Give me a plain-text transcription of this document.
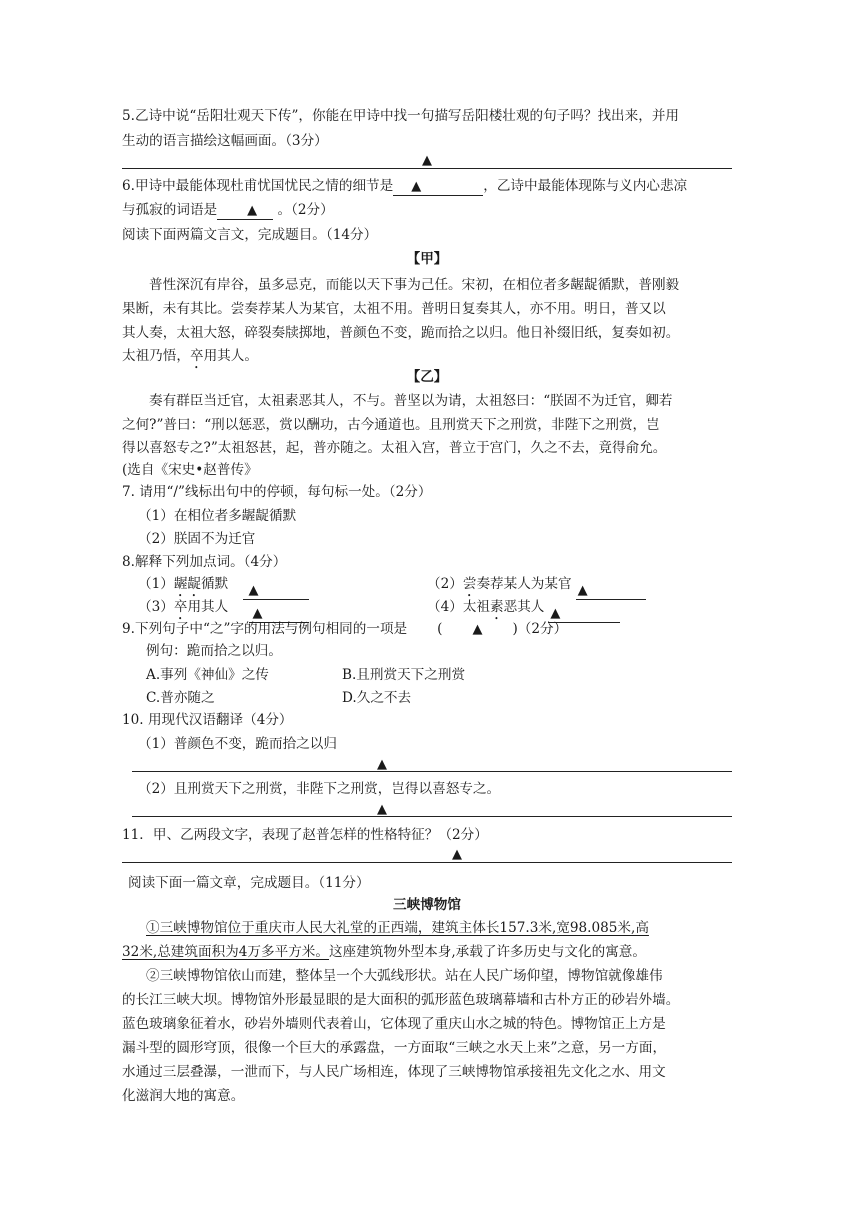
5.乙诗中说“岳阳壮观天下传”，你能在甲诗中找一句描写岳阳楼壮观的句子吗？找出来，并用
生动的语言描绘这幅画面。（3分）
▲
6.甲诗中最能体现杜甫忧国忧民之情的细节是 ▲	，乙诗中最能体现陈与义内心悲凉
与孤寂的词语是 ▲ 。（2分）
阅读下面两篇文言文，完成题目。（14分）
【甲】
普性深沉有岸谷，虽多忌克，而能以天下事为己任。宋初，在相位者多龌龊循默，普刚毅
果断，未有其比。尝奏荐某人为某官，太祖不用。普明日复奏其人，亦不用。明日，普又以
其人奏，太祖大怒，碎裂奏牍掷地，普颜色不变，跪而拾之以归。他日补缀旧纸，复奏如初。
太祖乃悟，卒用其人。
【乙】
奏有群臣当迁官，太祖素恶其人，不与。普坚以为请，太祖怒曰：“朕固不为迁官，卿若
之何?”普曰：“刑以惩恶，赏以酬功，古今通道也。且刑赏天下之刑赏，非陛下之刑赏，岂
得以喜怒专之?”太祖怒甚，起，普亦随之。太祖入宫，普立于宫门，久之不去，竟得俞允。
(选自《宋史•赵普传》
7. 请用“/”线标出句中的停顿，每句标一处。（2分）
（1）在相位者多龌龊循默
（2）朕固不为迁官
8.解释下列加点词。（4分）
（1）龌龊循默 ▲	（2）尝奏荐某人为某官 ▲
（3）卒用其人 ▲	（4）太祖素恶其人 ▲
9.下列句子中“之”字的用法与例句相同的一项是 ( ▲ )（2分）
例句：跪而拾之以归。
A.事列《神仙》之传	B.且刑赏天下之刑赏
C.普亦随之	D.久之不去
10. 用现代汉语翻译（4分）
（1）普颜色不变，跪而拾之以归
▲
（2）且刑赏天下之刑赏，非陛下之刑赏，岂得以喜怒专之。
▲
11．甲、乙两段文字，表现了赵普怎样的性格特征？（2分）
▲
阅读下面一篇文章，完成题目。（11分）
三峡博物馆
①三峡博物馆位于重庆市人民大礼堂的正西端，建筑主体长157.3米,宽98.085米,高
32米,总建筑面积为4万多平方米。这座建筑物外型本身,承载了许多历史与文化的寓意。
②三峡博物馆依山而建，整体呈一个大弧线形状。站在人民广场仰望，博物馆就像雄伟
的长江三峡大坝。博物馆外形最显眼的是大面积的弧形蓝色玻璃幕墙和古朴方正的砂岩外墙。
蓝色玻璃象征着水，砂岩外墙则代表着山，它体现了重庆山水之城的特色。博物馆正上方是
漏斗型的圆形穹顶，很像一个巨大的承露盘，一方面取“三峡之水天上来”之意，另一方面，
水通过三层叠瀑，一泄而下，与人民广场相连，体现了三峡博物馆承接祖先文化之水、用文
化滋润大地的寓意。
